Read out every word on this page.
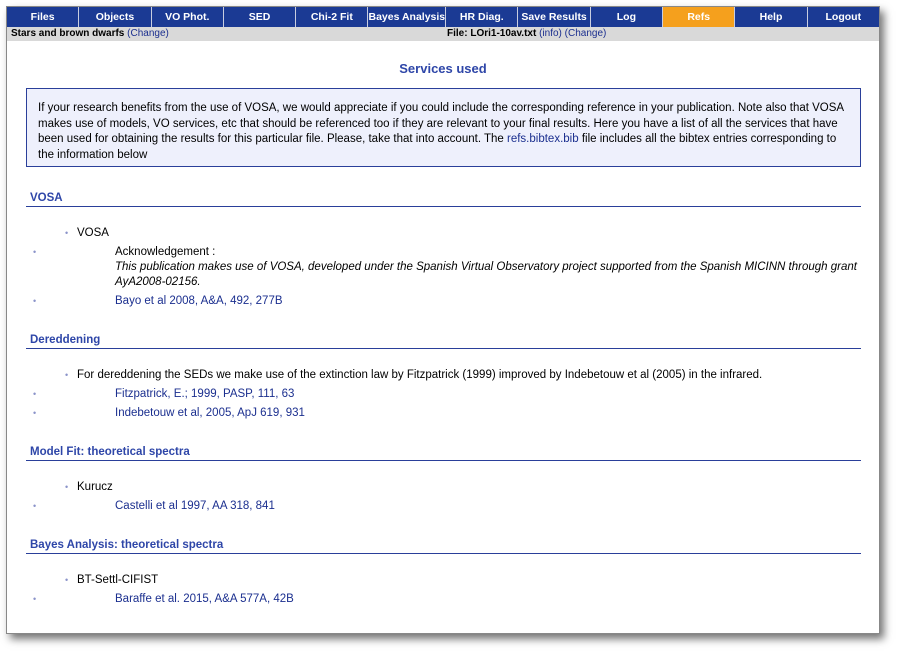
Files	Objects	VO Phot.	SED	Chi-2 Fit	Bayes Analysis	HR Diag.	Save Results	Log	Refs	Help	Logout
Stars and brown dwarfs (Change)	File: LOri1-10av.txt (info) (Change)
Services used
If your research benefits from the use of VOSA, we would appreciate if you could include the corresponding reference in your publication. Note also that VOSA makes use of models, VO services, etc that should be referenced too if they are relevant to your final results. Here you have a list of all the services that have been used for obtaining the results for this particular file. Please, take that into account. The refs.bibtex.bib file includes all the bibtex entries corresponding to the information below
VOSA
• VOSA
• Acknowledgement :
This publication makes use of VOSA, developed under the Spanish Virtual Observatory project supported from the Spanish MICINN through grant AyA2008-02156.
• Bayo et al 2008, A&A, 492, 277B
Dereddening
• For dereddening the SEDs we make use of the extinction law by Fitzpatrick (1999) improved by Indebetouw et al (2005) in the infrared.
• Fitzpatrick, E.; 1999, PASP, 111, 63
• Indebetouw et al, 2005, ApJ 619, 931
Model Fit: theoretical spectra
• Kurucz
• Castelli et al 1997, AA 318, 841
Bayes Analysis: theoretical spectra
• BT-Settl-CIFIST
• Baraffe et al. 2015, A&A 577A, 42B
